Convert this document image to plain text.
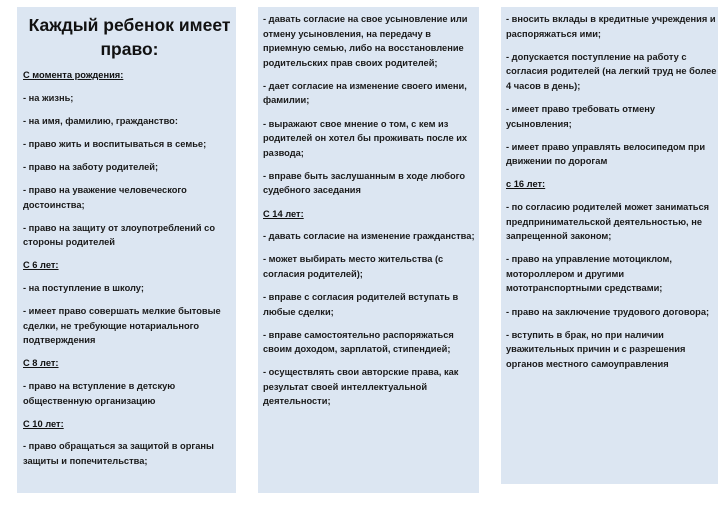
Каждый ребенок имеет право:
С момента рождения:
- на жизнь;
- на имя, фамилию, гражданство:
- право жить и воспитываться в семье;
- право на заботу родителей;
- право на уважение человеческого достоинства;
- право на защиту от злоупотреблений со стороны родителей
С 6 лет:
- на поступление в школу;
- имеет право совершать мелкие бытовые сделки, не требующие нотариального подтверждения
С 8 лет:
- право на вступление в детскую общественную организацию
С 10 лет:
- право обращаться за защитой в органы защиты и попечительства;
- давать согласие на свое усыновление или отмену усыновления, на передачу в приемную семью, либо на восстановление родительских прав своих родителей;
- дает согласие на изменение своего имени, фамилии;
- выражают свое мнение о том, с кем из родителей он хотел бы проживать после их развода;
- вправе быть заслушанным в ходе любого судебного заседания
С 14 лет:
- давать согласие на изменение гражданства;
- может выбирать место жительства (с согласия родителей);
- вправе с согласия родителей вступать в любые сделки;
- вправе самостоятельно распоряжаться своим доходом, зарплатой, стипендией;
- осуществлять свои авторские права, как результат своей интеллектуальной деятельности;
- вносить вклады в кредитные учреждения и распоряжаться ими;
- допускается поступление на работу с согласия родителей (на легкий труд не более 4 часов в день);
- имеет право требовать отмену усыновления;
- имеет право управлять велосипедом при движении по дорогам
с 16 лет:
- по согласию родителей может заниматься предпринимательской деятельностью, не запрещенной законом;
- право на управление мотоциклом, мотороллером и другими мототранспортными средствами;
- право на заключение трудового договора;
- вступить в брак, но при наличии уважительных причин и с разрешения органов местного самоуправления
